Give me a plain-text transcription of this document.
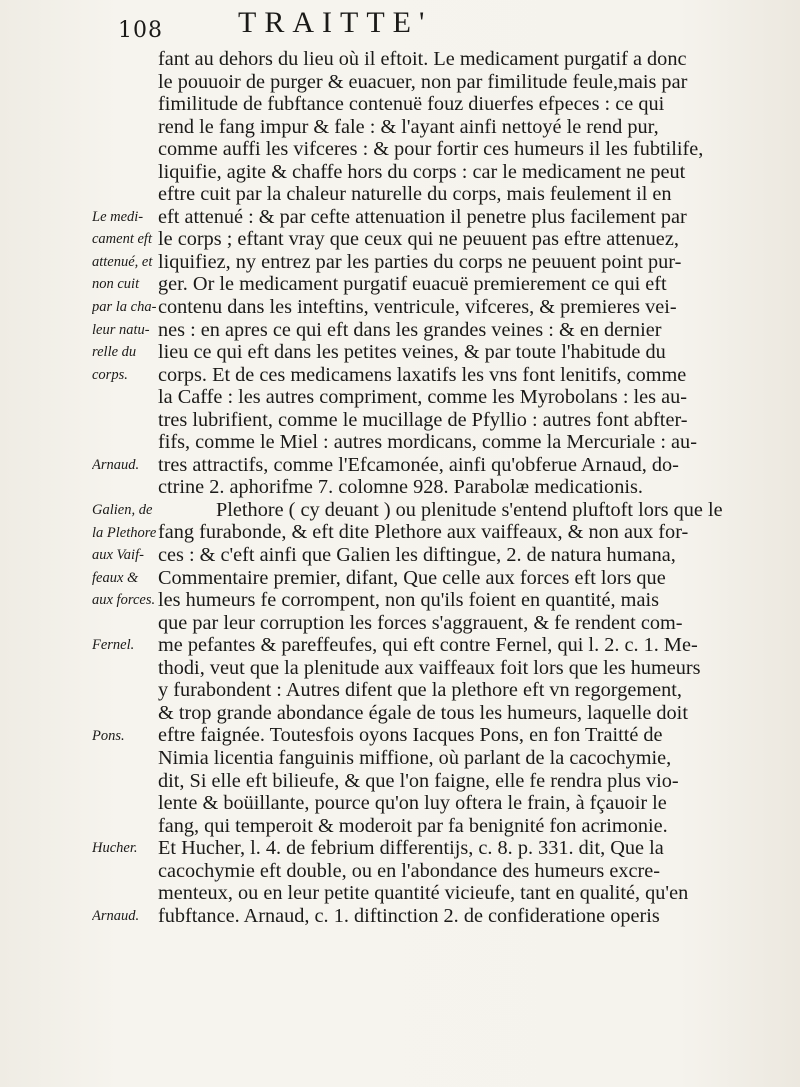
108	TRAITTE'
fant au dehors du lieu où il eftoit. Le medicament purgatif a donc
le pouuoir de purger & euacuer, non par fimilitude feule,mais par
fimilitude de fubftance contenuë fouz diuerfes efpeces : ce qui
rend le fang impur & fale : & l'ayant ainfi nettoyé le rend pur,
comme auffi les vifceres : & pour fortir ces humeurs il les fubtilife,
liquifie, agite & chaffe hors du corps : car le medicament ne peut
eftre cuit par la chaleur naturelle du corps, mais feulement il en
eft attenué : & par cefte attenuation il penetre plus facilement par
le corps ; eftant vray que ceux qui ne peuuent pas eftre attenuez,
liquifiez, ny entrez par les parties du corps ne peuuent point pur-
ger. Or le medicament purgatif euacuë premierement ce qui eft
contenu dans les inteftins, ventricule, vifceres, & premieres vei-
nes : en apres ce qui eft dans les grandes veines : & en dernier
lieu ce qui eft dans les petites veines, & par toute l'habitude du
corps. Et de ces medicamens laxatifs les vns font lenitifs, comme
la Caffe : les autres compriment, comme les Myrobolans : les au-
tres lubrifient, comme le mucillage de Pfyllio : autres font abfter-
fifs, comme le Miel : autres mordicans, comme la Mercuriale : au-
tres attractifs, comme l'Efcamonée, ainfi qu'obferue Arnaud, do-
ctrine 2. aphorifme 7. colomne 928. Parabolæ medicationis.
Plethore ( cy deuant ) ou plenitude s'entend pluftoft lors que le
fang furabonde, & eft dite Plethore aux vaiffeaux, & non aux for-
ces : & c'eft ainfi que Galien les diftingue, 2. de natura humana,
Commentaire premier, difant, Que celle aux forces eft lors que
les humeurs fe corrompent, non qu'ils foient en quantité, mais
que par leur corruption les forces s'aggrauent, & fe rendent com-
me pefantes & pareffeufes, qui eft contre Fernel, qui l. 2. c. 1. Me-
thodi, veut que la plenitude aux vaiffeaux foit lors que les humeurs
y furabondent : Autres difent que la plethore eft vn regorgement,
& trop grande abondance égale de tous les humeurs, laquelle doit
eftre faignée. Toutesfois oyons Iacques Pons, en fon Traitté de
Nimia licentia fanguinis miffione, où parlant de la cacochymie,
dit, Si elle eft bilieufe, & que l'on faigne, elle fe rendra plus vio-
lente & boüillante, pource qu'on luy oftera le frain, à fçauoir le
fang, qui temperoit & moderoit par fa benignité fon acrimonie.
Et Hucher, l. 4. de febrium differentijs, c. 8. p. 331. dit, Que la
cacochymie eft double, ou en l'abondance des humeurs excre-
menteux, ou en leur petite quantité vicieufe, tant en qualité, qu'en
fubftance. Arnaud, c. 1. diftinction 2. de confideratione operis
Le medi-
cament eft
attenué, et
non cuit
par la cha-
leur natu-
relle du
corps.
Arnaud.
Galien, de
la Plethore
aux Vaif-
feaux &
aux forces.
Fernel.
Pons.
Hucher.
Arnaud.
